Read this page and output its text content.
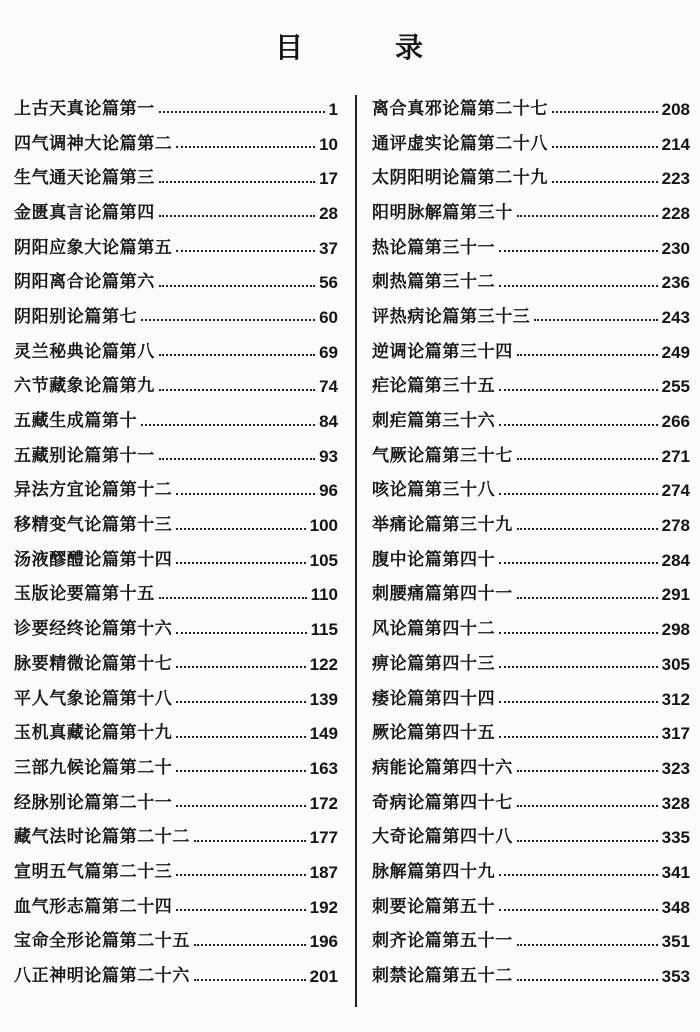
目	录
上古天真论篇第一	1
四气调神大论篇第二	10
生气通天论篇第三	17
金匮真言论篇第四	28
阴阳应象大论篇第五	37
阴阳离合论篇第六	56
阴阳别论篇第七	60
灵兰秘典论篇第八	69
六节藏象论篇第九	74
五藏生成篇第十	84
五藏别论篇第十一	93
异法方宜论篇第十二	96
移精变气论篇第十三	100
汤液醪醴论篇第十四	105
玉版论要篇第十五	110
诊要经终论篇第十六	115
脉要精微论篇第十七	122
平人气象论篇第十八	139
玉机真藏论篇第十九	149
三部九候论篇第二十	163
经脉别论篇第二十一	172
藏气法时论篇第二十二	177
宣明五气篇第二十三	187
血气形志篇第二十四	192
宝命全形论篇第二十五	196
八正神明论篇第二十六	201
离合真邪论篇第二十七	208
通评虚实论篇第二十八	214
太阴阳明论篇第二十九	223
阳明脉解篇第三十	228
热论篇第三十一	230
刺热篇第三十二	236
评热病论篇第三十三	243
逆调论篇第三十四	249
疟论篇第三十五	255
刺疟篇第三十六	266
气厥论篇第三十七	271
咳论篇第三十八	274
举痛论篇第三十九	278
腹中论篇第四十	284
刺腰痛篇第四十一	291
风论篇第四十二	298
痹论篇第四十三	305
痿论篇第四十四	312
厥论篇第四十五	317
病能论篇第四十六	323
奇病论篇第四十七	328
大奇论篇第四十八	335
脉解篇第四十九	341
刺要论篇第五十	348
刺齐论篇第五十一	351
刺禁论篇第五十二	353
